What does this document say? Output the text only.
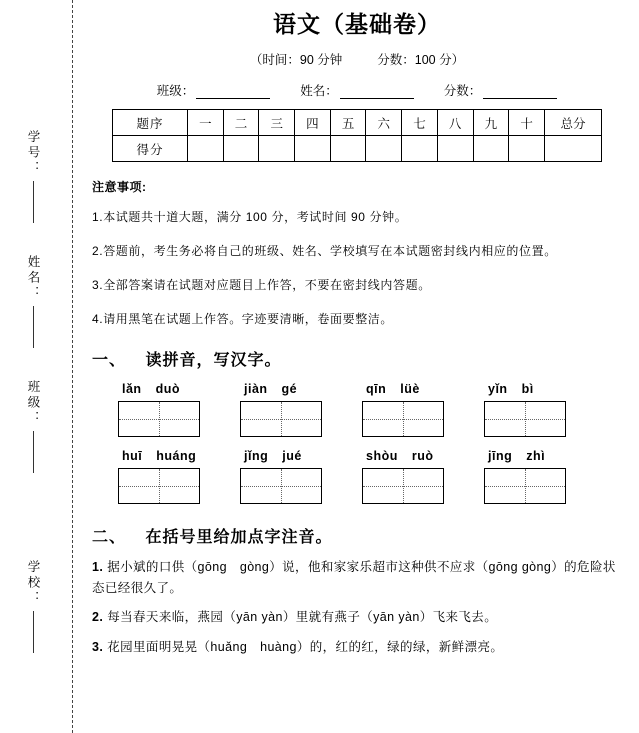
学号：
姓名：
班级：
学校：
语文（基础卷）
（时间：90 分钟	分数：100 分）
班级：	姓名：	分数：
题序	一	二	三	四	五	六	七	八	九	十	总分
得分											
注意事项:
1.本试题共十道大题，满分 100 分，考试时间 90 分钟。
2.答题前，考生务必将自己的班级、姓名、学校填写在本试题密封线内相应的位置。
3.全部答案请在试题对应题目上作答，不要在密封线内答题。
4.请用黑笔在试题上作答。字迹要清晰，卷面要整洁。
一、 读拼音，写汉字。
lǎn duò	jiàn gé	qīn lüè	yǐn bì
huī huáng	jǐng jué	shòu ruò	jīng zhì
二、 在括号里给加点字注音。
1. 据小斌的口供（gōng　gòng）说，他和家家乐超市这种供不应求（gōng gòng）的危险状态已经很久了。
2. 每当春天来临，燕园（yān yàn）里就有燕子（yān yàn）飞来飞去。
3. 花园里面明晃晃（huǎng　huàng）的，红的红，绿的绿，新鲜漂亮。
